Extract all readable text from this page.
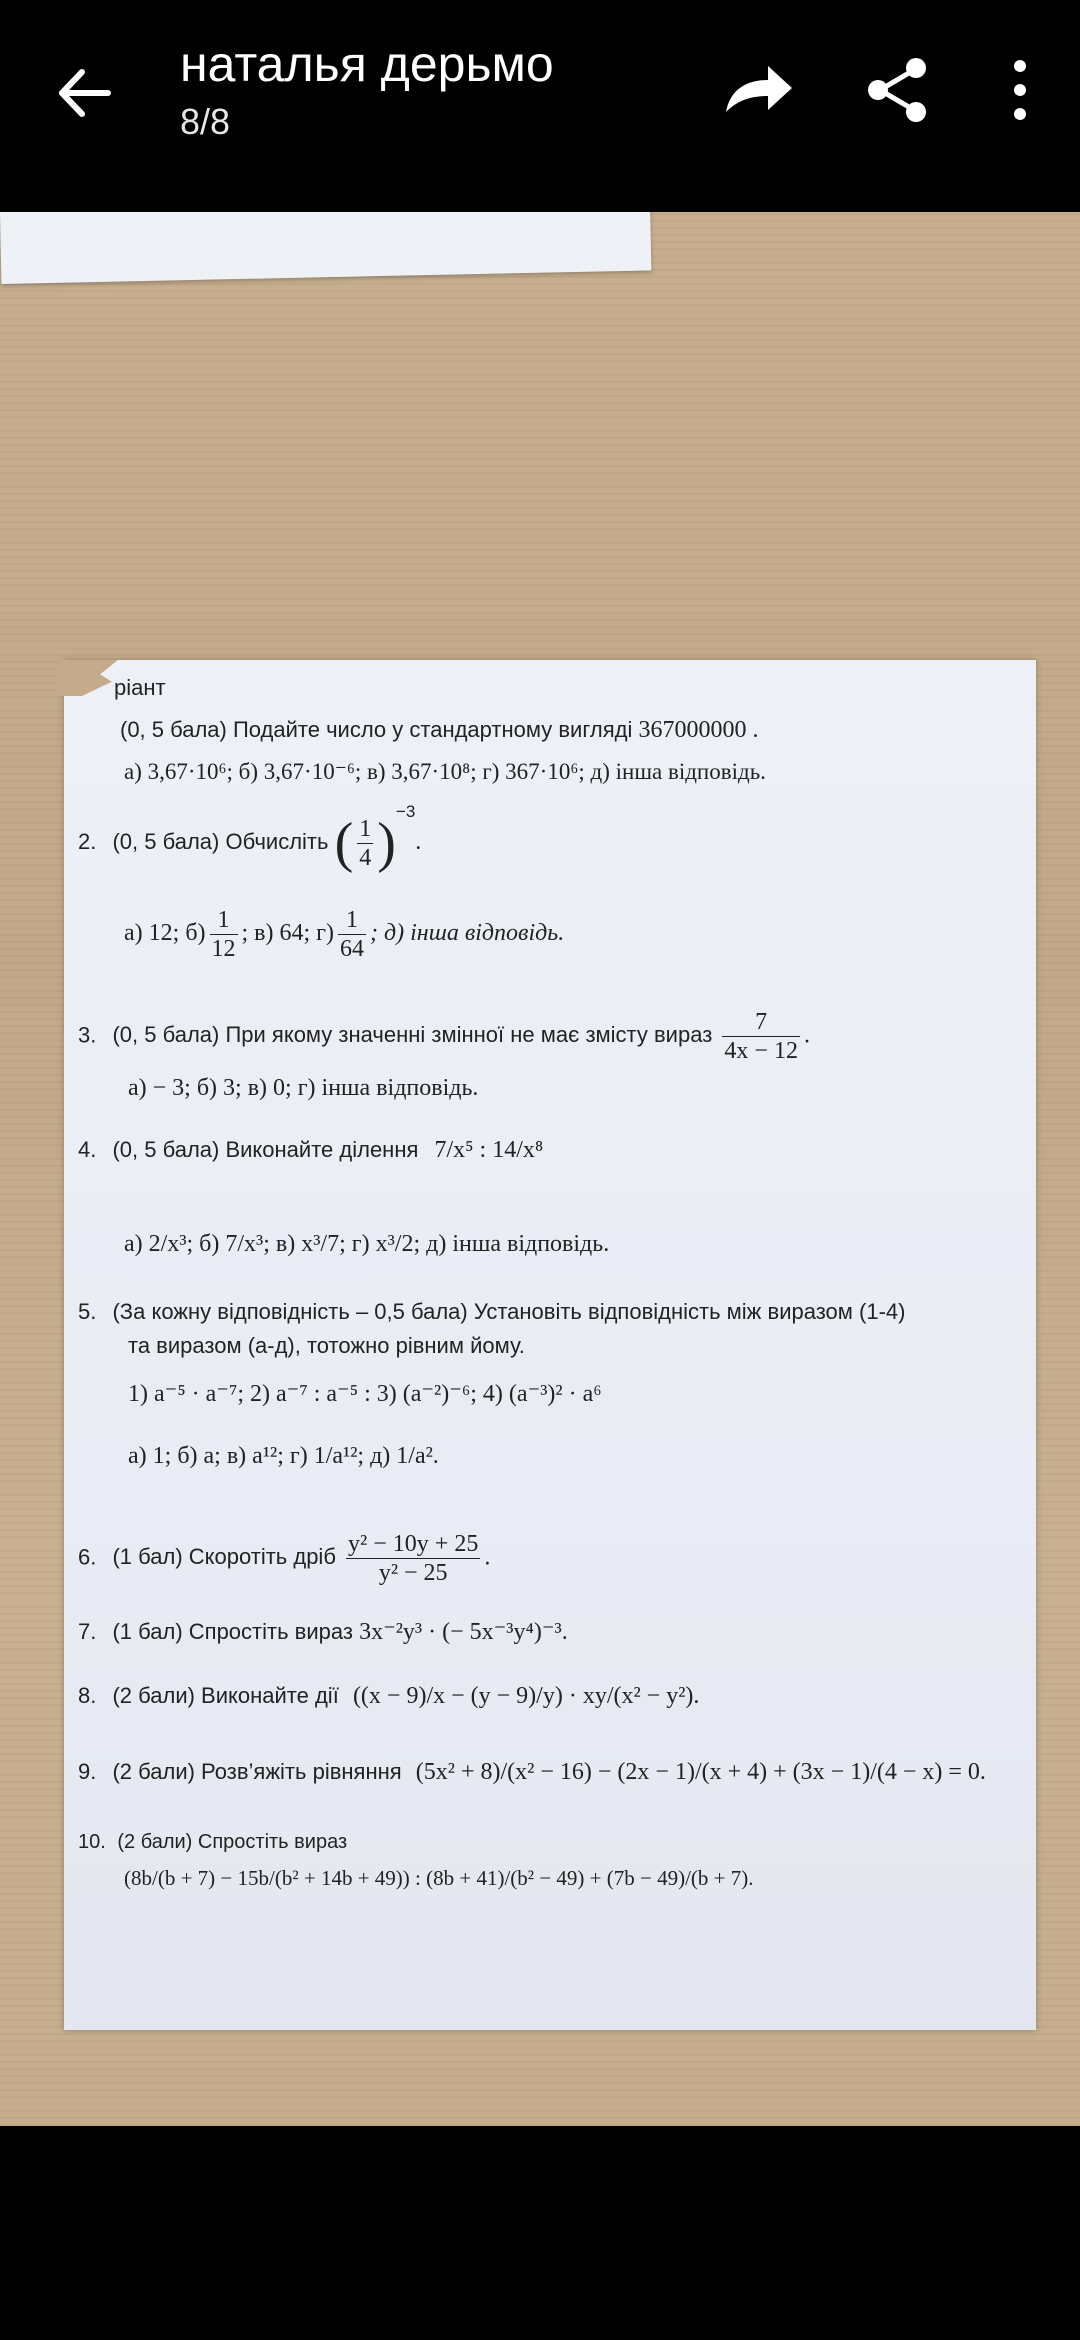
наталья дерьмо
8/8
ріант
(0, 5 бала) Подайте число у стандартному вигляді 367000000 .
а) 3,67·10⁶; б) 3,67·10⁻⁶; в) 3,67·10⁸; г) 367·10⁶; д) інша відповідь.
2. (0, 5 бала) Обчисліть ( $\frac{1}{4} )^{-3}$.
а) 12; $б) \frac{1}{12}$ ; в) 64; $г) \frac{1}{64}$ ; д) інша відповідь.
3. (0, 5 бала) При якому значенні змінної не має змісту вираз $\frac{7}{4x - 12}$ .
а) − 3; б) 3; в) 0; г) інша відповідь.
4. (0, 5 бала) Виконайте ділення 7/x⁵ : 14/x⁸
а) 2/x³; б) 7/x³; в) x³/7; г) x³/2; д) інша відповідь.
5. (За кожну відповідність – 0,5 бала) Установіть відповідність між виразом (1-4)
та виразом (а-д), тотожно рівним йому.
1) a⁻⁵ · a⁻⁷; 2) a⁻⁷ : a⁻⁵ : 3) (a⁻²)⁻⁶; 4) (a⁻³)² · a⁶
а) 1; б) a; в) a¹²; г) 1/a¹²; д) 1/a².
6. (1 бал) Скоротіть дріб $\frac{\text{y² − 10y + 25}}{\text{y² − 25}}$ .
7. (1 бал) Спростіть вираз 3x⁻²y³ · (− 5x⁻³y⁴)⁻³.
8. (2 бали) Виконайте дії ((x − 9)/x − (y − 9)/y) · xy/(x² − y²).
9. (2 бали) Розв’яжіть рівняння (5x² + 8)/(x² − 16) − (2x − 1)/(x + 4) + (3x − 1)/(4 − x) = 0.
10. (2 бали) Спростіть вираз
(8b/(b + 7) − 15b/(b² + 14b + 49)) : (8b + 41)/(b² − 49) + (7b − 49)/(b + 7).
